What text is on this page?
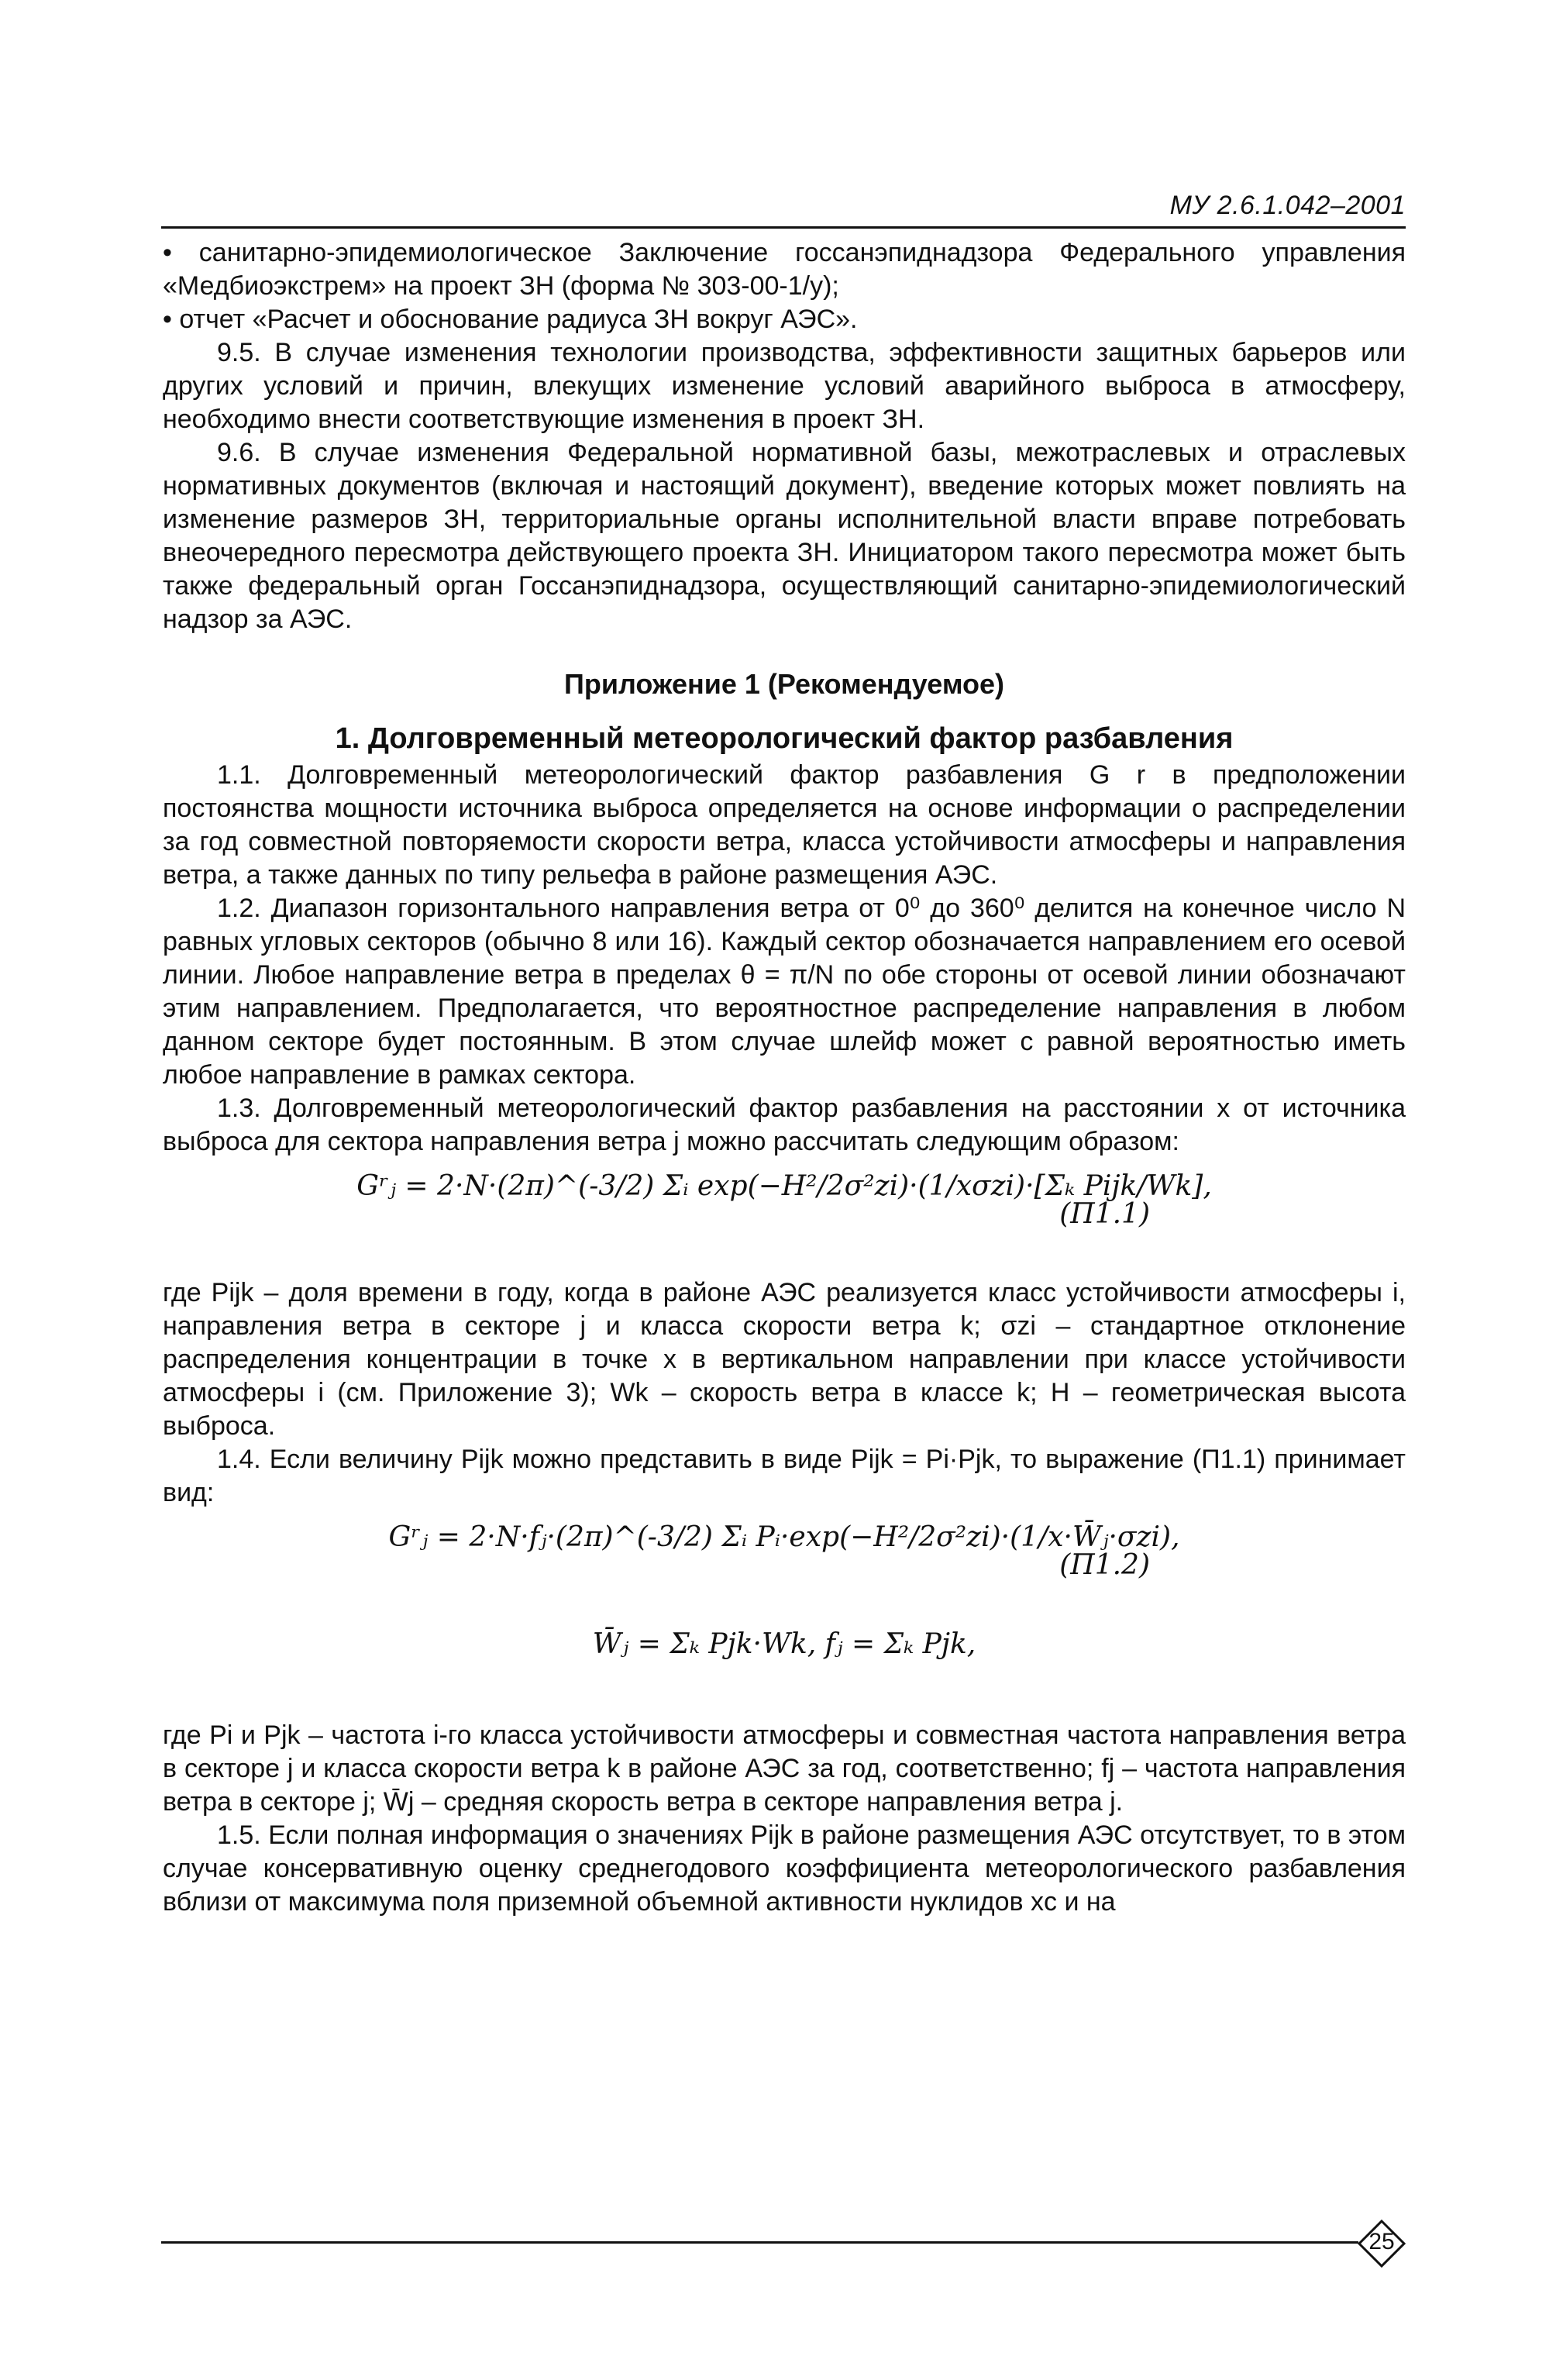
МУ 2.6.1.042–2001

• санитарно-эпидемиологическое Заключение госсанэпиднадзора Федерального управления «Медбиоэкстрем» на проект ЗН (форма № 303-00-1/у);

• отчет «Расчет и обоснование радиуса ЗН вокруг АЭС».

9.5. В случае изменения технологии производства, эффективности защитных барьеров или других условий и причин, влекущих изменение условий аварийного выброса в атмосферу, необходимо внести соответствующие изменения в проект ЗН.

9.6. В случае изменения Федеральной нормативной базы, межотраслевых и отраслевых нормативных документов (включая и настоящий документ), введение которых может повлиять на изменение размеров ЗН, территориальные органы исполнительной власти вправе потребовать внеочередного пересмотра действующего проекта ЗН. Инициатором такого пересмотра может быть также федеральный орган Госсанэпиднадзора, осуществляющий санитарно-эпидемиологический надзор за АЭС.

Приложение 1 (Рекомендуемое)
1. Долговременный метеорологический фактор разбавления

1.1. Долговременный метеорологический фактор разбавления G r в предположении постоянства мощности источника выброса определяется на основе информации о распределении за год совместной повторяемости скорости ветра, класса устойчивости атмосферы и направления ветра, а также данных по типу рельефа в районе размещения АЭС.

1.2. Диапазон горизонтального направления ветра от 0⁰ до 360⁰ делится на конечное число N равных угловых секторов (обычно 8 или 16). Каждый сектор обозначается направлением его осевой линии. Любое направление ветра в пределах θ = π/N по обе стороны от осевой линии обозначают этим направлением. Предполагается, что вероятностное распределение направления в любом данном секторе будет постоянным. В этом случае шлейф может с равной вероятностью иметь любое направление в рамках сектора.

1.3. Долговременный метеорологический фактор разбавления на расстоянии x от источника выброса для сектора направления ветра j можно рассчитать следующим образом:

Gʳⱼ = 2·N·(2π)^(-3/2) Σᵢ exp(−H²/2σ²zi)·(1/xσzi)·[Σₖ Pijk/Wk],
(П1.1)

где Pijk – доля времени в году, когда в районе АЭС реализуется класс устойчивости атмосферы i, направления ветра в секторе j и класса скорости ветра k; σzi – стандартное отклонение распределения концентрации в точке x в вертикальном направлении при классе устойчивости атмосферы i (см. Приложение 3); Wk – скорость ветра в классе k; H – геометрическая высота выброса.

1.4. Если величину Pijk можно представить в виде Pijk = Pi·Pjk, то выражение (П1.1) принимает вид:

Gʳⱼ = 2·N·fⱼ·(2π)^(-3/2) Σᵢ Pᵢ·exp(−H²/2σ²zi)·(1/x·W̄ⱼ·σzi),
(П1.2)
W̄ⱼ = Σₖ Pjk·Wk, fⱼ = Σₖ Pjk,

где Pi и Pjk – частота i-го класса устойчивости атмосферы и совместная частота направления ветра в секторе j и класса скорости ветра k в районе АЭС за год, соответственно; fj – частота направления ветра в секторе j; W̄j – средняя скорость ветра в секторе направления ветра j.

1.5. Если полная информация о значениях Pijk в районе размещения АЭС отсутствует, то в этом случае консервативную оценку среднегодового коэффициента метеорологического разбавления вблизи от максимума поля приземной объемной активности нуклидов xc и на

25
